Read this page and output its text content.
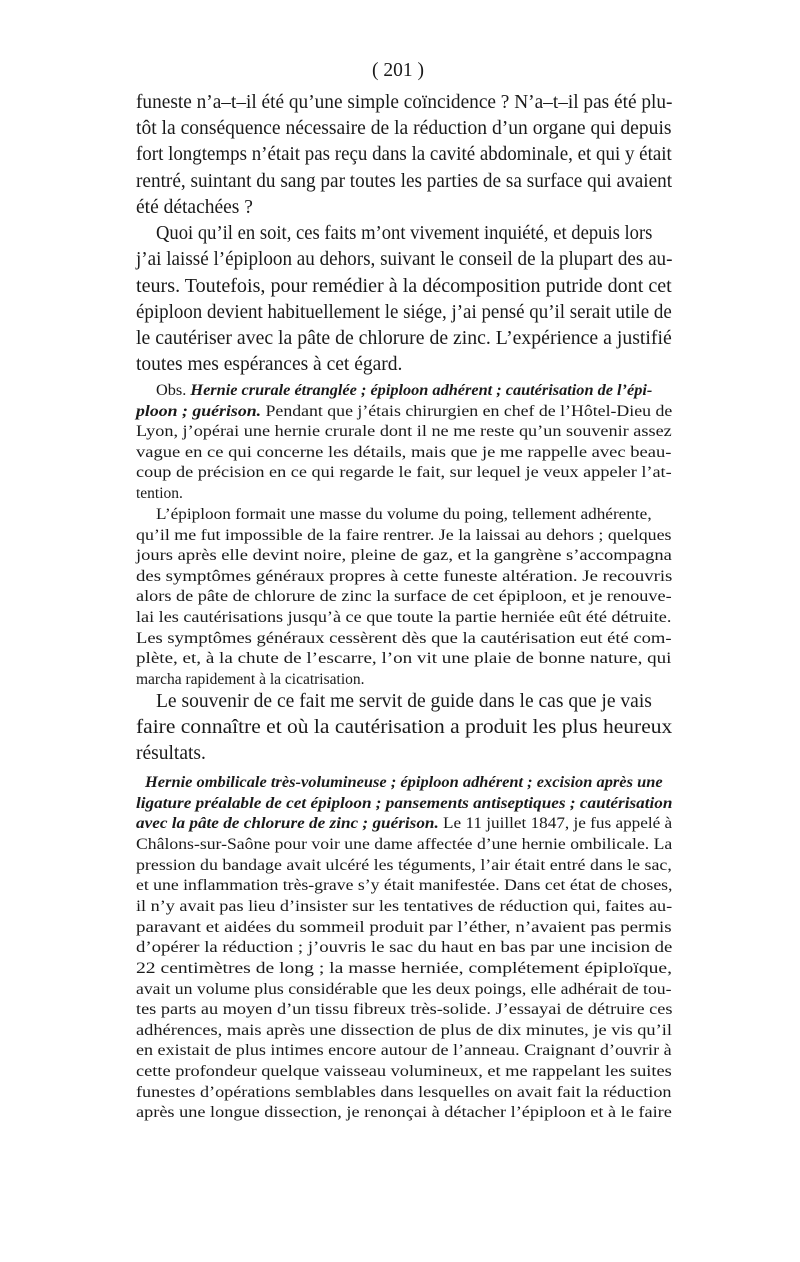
( 201 )
funeste n’a–t–il été qu’une simple coïncidence ? N’a–t–il pas été plu-
tôt la conséquence nécessaire de la réduction d’un organe qui depuis
fort longtemps n’était pas reçu dans la cavité abdominale, et qui y était
rentré, suintant du sang par toutes les parties de sa surface qui avaient
été détachées ?
Quoi qu’il en soit, ces faits m’ont vivement inquiété, et depuis lors
j’ai laissé l’épiploon au dehors, suivant le conseil de la plupart des au-
teurs. Toutefois, pour remédier à la décomposition putride dont cet
épiploon devient habituellement le siége, j’ai pensé qu’il serait utile de
le cautériser avec la pâte de chlorure de zinc. L’expérience a justifié
toutes mes espérances à cet égard.
Obs. Hernie crurale étranglée ; épiploon adhérent ; cautérisation de l’épi-
ploon ; guérison. Pendant que j’étais chirurgien en chef de l’Hôtel-Dieu de
Lyon, j’opérai une hernie crurale dont il ne me reste qu’un souvenir assez
vague en ce qui concerne les détails, mais que je me rappelle avec beau-
coup de précision en ce qui regarde le fait, sur lequel je veux appeler l’at-
tention.
L’épiploon formait une masse du volume du poing, tellement adhérente,
qu’il me fut impossible de la faire rentrer. Je la laissai au dehors ; quelques
jours après elle devint noire, pleine de gaz, et la gangrène s’accompagna
des symptômes généraux propres à cette funeste altération. Je recouvris
alors de pâte de chlorure de zinc la surface de cet épiploon, et je renouve-
lai les cautérisations jusqu’à ce que toute la partie herniée eût été détruite.
Les symptômes généraux cessèrent dès que la cautérisation eut été com-
plète, et, à la chute de l’escarre, l’on vit une plaie de bonne nature, qui
marcha rapidement à la cicatrisation.
Le souvenir de ce fait me servit de guide dans le cas que je vais
faire connaître et où la cautérisation a produit les plus heureux
résultats.
Hernie ombilicale très-volumineuse ; épiploon adhérent ; excision après une
ligature préalable de cet épiploon ; pansements antiseptiques ; cautérisation
avec la pâte de chlorure de zinc ; guérison. Le 11 juillet 1847, je fus appelé à
Châlons-sur-Saône pour voir une dame affectée d’une hernie ombilicale. La
pression du bandage avait ulcéré les téguments, l’air était entré dans le sac,
et une inflammation très-grave s’y était manifestée. Dans cet état de choses,
il n’y avait pas lieu d’insister sur les tentatives de réduction qui, faites au-
paravant et aidées du sommeil produit par l’éther, n’avaient pas permis
d’opérer la réduction ; j’ouvris le sac du haut en bas par une incision de
22 centimètres de long ; la masse herniée, complétement épiploïque,
avait un volume plus considérable que les deux poings, elle adhérait de tou-
tes parts au moyen d’un tissu fibreux très-solide. J’essayai de détruire ces
adhérences, mais après une dissection de plus de dix minutes, je vis qu’il
en existait de plus intimes encore autour de l’anneau. Craignant d’ouvrir à
cette profondeur quelque vaisseau volumineux, et me rappelant les suites
funestes d’opérations semblables dans lesquelles on avait fait la réduction
après une longue dissection, je renonçai à détacher l’épiploon et à le faire
